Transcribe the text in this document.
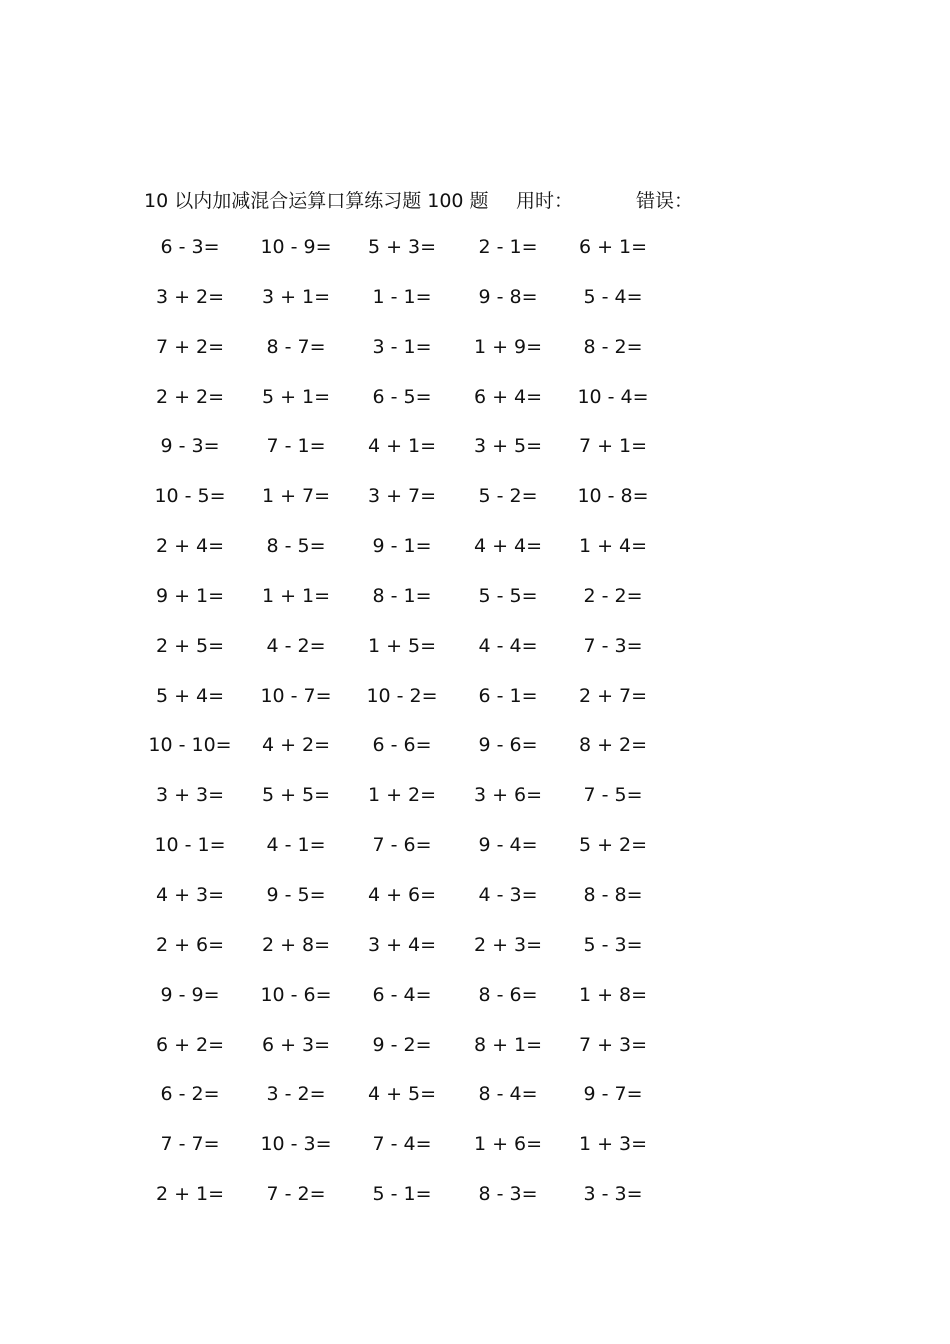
10 以内加减混合运算口算练习题 100 题 用时：	错误：
6 - 3=	10 - 9=	5 + 3=	2 - 1=	6 + 1=
3 + 2=	3 + 1=	1 - 1=	9 - 8=	5 - 4=
7 + 2=	8 - 7=	3 - 1=	1 + 9=	8 - 2=
2 + 2=	5 + 1=	6 - 5=	6 + 4=	10 - 4=
9 - 3=	7 - 1=	4 + 1=	3 + 5=	7 + 1=
10 - 5=	1 + 7=	3 + 7=	5 - 2=	10 - 8=
2 + 4=	8 - 5=	9 - 1=	4 + 4=	1 + 4=
9 + 1=	1 + 1=	8 - 1=	5 - 5=	2 - 2=
2 + 5=	4 - 2=	1 + 5=	4 - 4=	7 - 3=
5 + 4=	10 - 7=	10 - 2=	6 - 1=	2 + 7=
10 - 10=	4 + 2=	6 - 6=	9 - 6=	8 + 2=
3 + 3=	5 + 5=	1 + 2=	3 + 6=	7 - 5=
10 - 1=	4 - 1=	7 - 6=	9 - 4=	5 + 2=
4 + 3=	9 - 5=	4 + 6=	4 - 3=	8 - 8=
2 + 6=	2 + 8=	3 + 4=	2 + 3=	5 - 3=
9 - 9=	10 - 6=	6 - 4=	8 - 6=	1 + 8=
6 + 2=	6 + 3=	9 - 2=	8 + 1=	7 + 3=
6 - 2=	3 - 2=	4 + 5=	8 - 4=	9 - 7=
7 - 7=	10 - 3=	7 - 4=	1 + 6=	1 + 3=
2 + 1=	7 - 2=	5 - 1=	8 - 3=	3 - 3=
